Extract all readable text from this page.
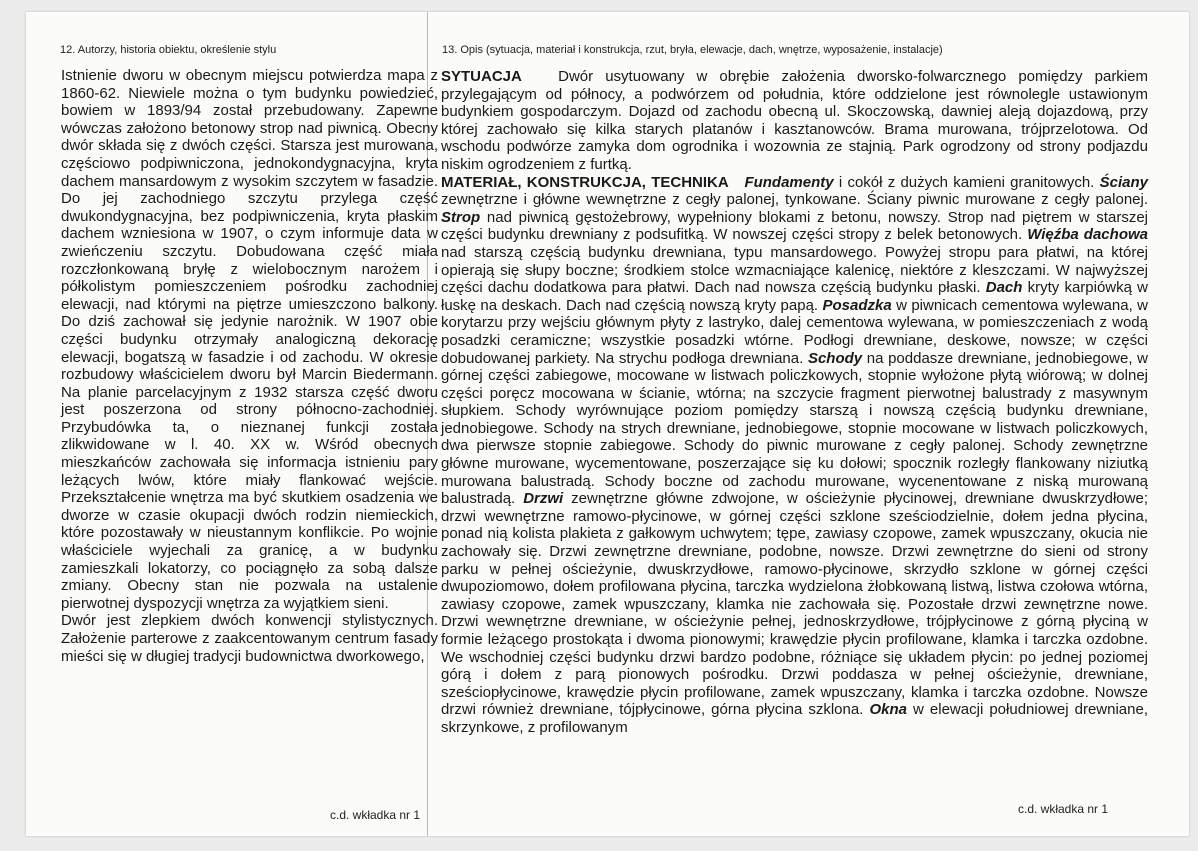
12. Autorzy, historia obiektu, określenie stylu	13. Opis (sytuacja, materiał i konstrukcja, rzut, bryła, elewacje, dach, wnętrze, wyposażenie, instalacje)

Istnienie dworu w obecnym miejscu potwierdza mapa z 1860-62. Niewiele można o tym budynku powiedzieć, bowiem w 1893/94 został przebudowany. Zapewne wówczas założono betonowy strop nad piwnicą. Obecny dwór składa się z dwóch części. Starsza jest murowana, częściowo podpiwniczona, jednokondygnacyjna, kryta dachem mansardowym z wysokim szczytem w fasadzie. Do jej zachodniego szczytu przylega część dwukondygnacyjna, bez podpiwniczenia, kryta płaskim dachem wzniesiona w 1907, o czym informuje data w zwieńczeniu szczytu. Dobudowana część miała rozczłonkowaną bryłę z wielobocznym narożem i półkolistym pomieszczeniem pośrodku zachodniej elewacji, nad którymi na piętrze umieszczono balkony. Do dziś zachował się jedynie narożnik. W 1907 obie części budynku otrzymały analogiczną dekorację elewacji, bogatszą w fasadzie i od zachodu. W okresie rozbudowy właścicielem dworu był Marcin Biedermann. Na planie parcelacyjnym z 1932 starsza część dworu jest poszerzona od strony północno-zachodniej. Przybudówka ta, o nieznanej funkcji została zlikwidowane w l. 40. XX w. Wśród obecnych mieszkańców zachowała się informacja istnieniu pary leżących lwów, które miały flankować wejście. Przekształcenie wnętrza ma być skutkiem osadzenia we dworze w czasie okupacji dwóch rodzin niemieckich, które pozostawały w nieustannym konflikcie. Po wojnie właściciele wyjechali za granicę, a w budynku zamieszkali lokatorzy, co pociągnęło za sobą dalsze zmiany. Obecny stan nie pozwala na ustalenie pierwotnej dyspozycji wnętrza za wyjątkiem sieni.

Dwór jest zlepkiem dwóch konwencji stylistycznych. Założenie parterowe z zaakcentowanym centrum fasady mieści się w długiej tradycji budownictwa dworkowego,

c.d. wkładka nr 1

SYTUACJA Dwór usytuowany w obrębie założenia dworsko-folwarcznego pomiędzy parkiem przylegającym od północy, a podwórzem od południa, które oddzielone jest równolegle ustawionym budynkiem gospodarczym. Dojazd od zachodu obecną ul. Skoczowską, dawniej aleją dojazdową, przy której zachowało się kilka starych platanów i kasztanowców. Brama murowana, trójprzelotowa. Od wschodu podwórze zamyka dom ogrodnika i wozownia ze stajnią. Park ogrodzony od strony podjazdu niskim ogrodzeniem z furtką.

MATERIAŁ, KONSTRUKCJA, TECHNIKA Fundamenty i cokół z dużych kamieni granitowych. Ściany zewnętrzne i główne wewnętrzne z cegły palonej, tynkowane. Ściany piwnic murowane z cegły palonej. Strop nad piwnicą gęstożebrowy, wypełniony blokami z betonu, nowszy. Strop nad piętrem w starszej części budynku drewniany z podsufitką. W nowszej części stropy z belek betonowych. Więźba dachowa nad starszą częścią budynku drewniana, typu mansardowego. Powyżej stropu para płatwi, na której opierają się słupy boczne; środkiem stolce wzmacniające kalenicę, niektóre z kleszczami. W najwyższej części dachu dodatkowa para płatwi. Dach nad nowsza częścią budynku płaski. Dach kryty karpiówką w łuskę na deskach. Dach nad częścią nowszą kryty papą. Posadzka w piwnicach cementowa wylewana, w korytarzu przy wejściu głównym płyty z lastryko, dalej cementowa wylewana, w pomieszczeniach z wodą posadzki ceramiczne; wszystkie posadzki wtórne. Podłogi drewniane, deskowe, nowsze; w części dobudowanej parkiety. Na strychu podłoga drewniana. Schody na poddasze drewniane, jednobiegowe, w górnej części zabiegowe, mocowane w listwach policzkowych, stopnie wyłożone płytą wiórową; w dolnej części poręcz mocowana w ścianie, wtórna; na szczycie fragment pierwotnej balustrady z masywnym słupkiem. Schody wyrównujące poziom pomiędzy starszą i nowszą częścią budynku drewniane, jednobiegowe. Schody na strych drewniane, jednobiegowe, stopnie mocowane w listwach policzkowych, dwa pierwsze stopnie zabiegowe. Schody do piwnic murowane z cegły palonej. Schody zewnętrzne główne murowane, wycementowane, poszerzające się ku dołowi; spocznik rozległy flankowany niziutką murowana balustradą. Schody boczne od zachodu murowane, wycenentowane z niską murowaną balustradą. Drzwi zewnętrzne główne zdwojone, w ościeżynie płycinowej, drewniane dwuskrzydłowe; drzwi wewnętrzne ramowo-płycinowe, w górnej części szklone sześciodzielnie, dołem jedna płycina, ponad nią kolista plakieta z gałkowym uchwytem; tępe, zawiasy czopowe, zamek wpuszczany, okucia nie zachowały się. Drzwi zewnętrzne drewniane, podobne, nowsze. Drzwi zewnętrzne do sieni od strony parku w pełnej ościeżynie, dwuskrzydłowe, ramowo-płycinowe, skrzydło szklone w górnej części dwupoziomowo, dołem profilowana płycina, tarczka wydzielona żłobkowaną listwą, listwa czołowa wtórna, zawiasy czopowe, zamek wpuszczany, klamka nie zachowała się. Pozostałe drzwi zewnętrzne nowe. Drzwi wewnętrzne drewniane, w ościeżynie pełnej, jednoskrzydłowe, trójpłycinowe z górną płyciną w formie leżącego prostokąta i dwoma pionowymi; krawędzie płycin profilowane, klamka i tarczka ozdobne. We wschodniej części budynku drzwi bardzo podobne, różniące się układem płycin: po jednej poziomej górą i dołem z parą pionowych pośrodku. Drzwi poddasza w pełnej ościeżynie, drewniane, sześciopłycinowe, krawędzie płycin profilowane, zamek wpuszczany, klamka i tarczka ozdobne. Nowsze drzwi również drewniane, tójpłycinowe, górna płycina szklona. Okna w elewacji południowej drewniane, skrzynkowe, z profilowanym

c.d. wkładka nr 1
